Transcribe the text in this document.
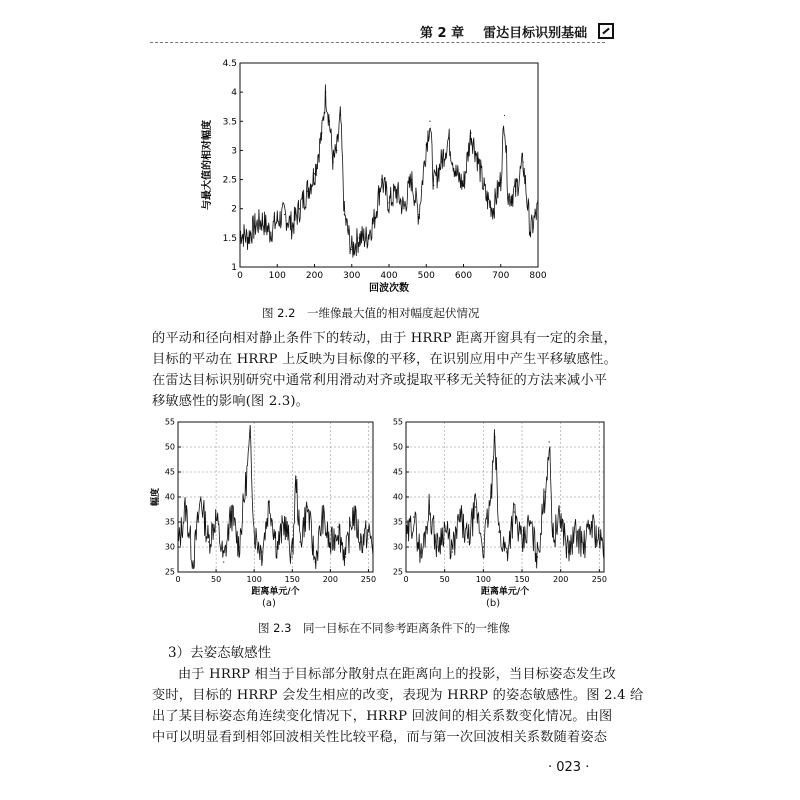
第 2 章 雷达目标识别基础
0	100 200 300 400 500 600 700 800
1
1.5
2
2.5
3
3.5
4
4.5
回波次数
与最大值的相对幅度
图 2.2　一维像最大值的相对幅度起伏情况

的平动和径向相对静止条件下的转动，由于 HRRP 距离开窗具有一定的余量，

目标的平动在 HRRP 上反映为目标像的平移，在识别应用中产生平移敏感性。

在雷达目标识别研究中通常利用滑动对齐或提取平移无关特征的方法来减小平

移敏感性的影响(图 2.3)。

0	50	100	150	200	250
25
30
35
40
45
50
55
距离单元/个
幅度
(a)
0	50	100	150	200	250
25
30
35
40
45
50
55
距离单元/个
(b)
图 2.3　同一目标在不同参考距离条件下的一维像
3）去姿态敏感性

由于 HRRP 相当于目标部分散射点在距离向上的投影，当目标姿态发生改

变时，目标的 HRRP 会发生相应的改变，表现为 HRRP 的姿态敏感性。图 2.4 给

出了某目标姿态角连续变化情况下，HRRP 回波间的相关系数变化情况。由图

中可以明显看到相邻回波相关性比较平稳，而与第一次回波相关系数随着姿态

· 023 ·
